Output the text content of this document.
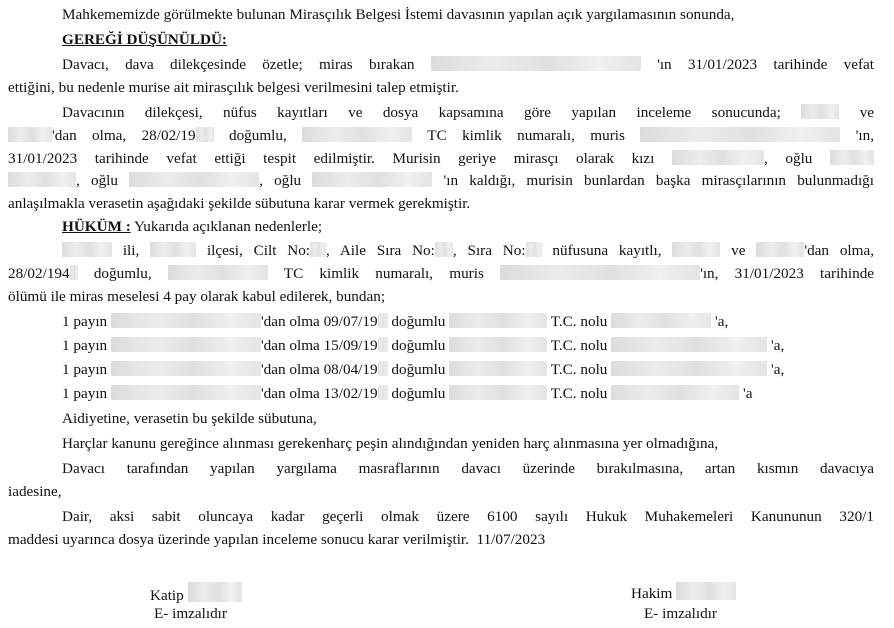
Mahkememizde görülmekte bulunan Mirasçılık Belgesi İstemi davasının yapılan açık yargılamasının sonunda,
GEREĞİ DÜŞÜNÜLDÜ:
Davacı, dava dilekçesinde özetle; miras bırakan	'ın 31/01/2023 tarihinde vefat
ettiğini, bu nedenle murise ait mirasçılık belgesi verilmesini talep etmiştir.
Davacının dilekçesi, nüfus kayıtları ve dosya kapsamına göre yapılan inceleme sonucunda;	ve
'dan olma, 28/02/19 doğumlu,	TC kimlik numaralı, muris	'ın,
31/01/2023 tarihinde vefat ettiği tespit edilmiştir. Murisin geriye mirasçı olarak kızı	, oğlu
, oğlu	, oğlu	'ın kaldığı, murisin bunlardan başka mirasçılarının bulunmadığı
anlaşılmakla verasetin aşağıdaki şekilde sübutuna karar vermek gerekmiştir.
HÜKÜM : Yukarıda açıklanan nedenlerle;
ili,	ilçesi, Cilt No: , Aile Sıra No: , Sıra No: nüfusuna kayıtlı,	ve	'dan olma,
28/02/194 doğumlu,	TC kimlik numaralı, muris	'ın, 31/01/2023 tarihinde
ölümü ile miras meselesi 4 pay olarak kabul edilerek, bundan;
1 payın	'dan olma 09/07/19 doğumlu	T.C. nolu	'a,
1 payın	'dan olma 15/09/19 doğumlu	T.C. nolu	'a,
1 payın	'dan olma 08/04/19 doğumlu	T.C. nolu	'a,
1 payın	'dan olma 13/02/19 doğumlu	T.C. nolu	'a
Aidiyetine, verasetin bu şekilde sübutuna,
Harçlar kanunu gereğince alınması gerekenharç peşin alındığından yeniden harç alınmasına yer olmadığına,
Davacı tarafından yapılan yargılama masraflarının davacı üzerinde bırakılmasına, artan kısmın davacıya
iadesine,
Dair, aksi sabit oluncaya kadar geçerli olmak üzere 6100 sayılı Hukuk Muhakemeleri Kanununun 320/1
maddesi uyarınca dosya üzerinde yapılan inceleme sonucu karar verilmiştir. 11/07/2023
Katip
E- imzalıdır
Hakim
E- imzalıdır
